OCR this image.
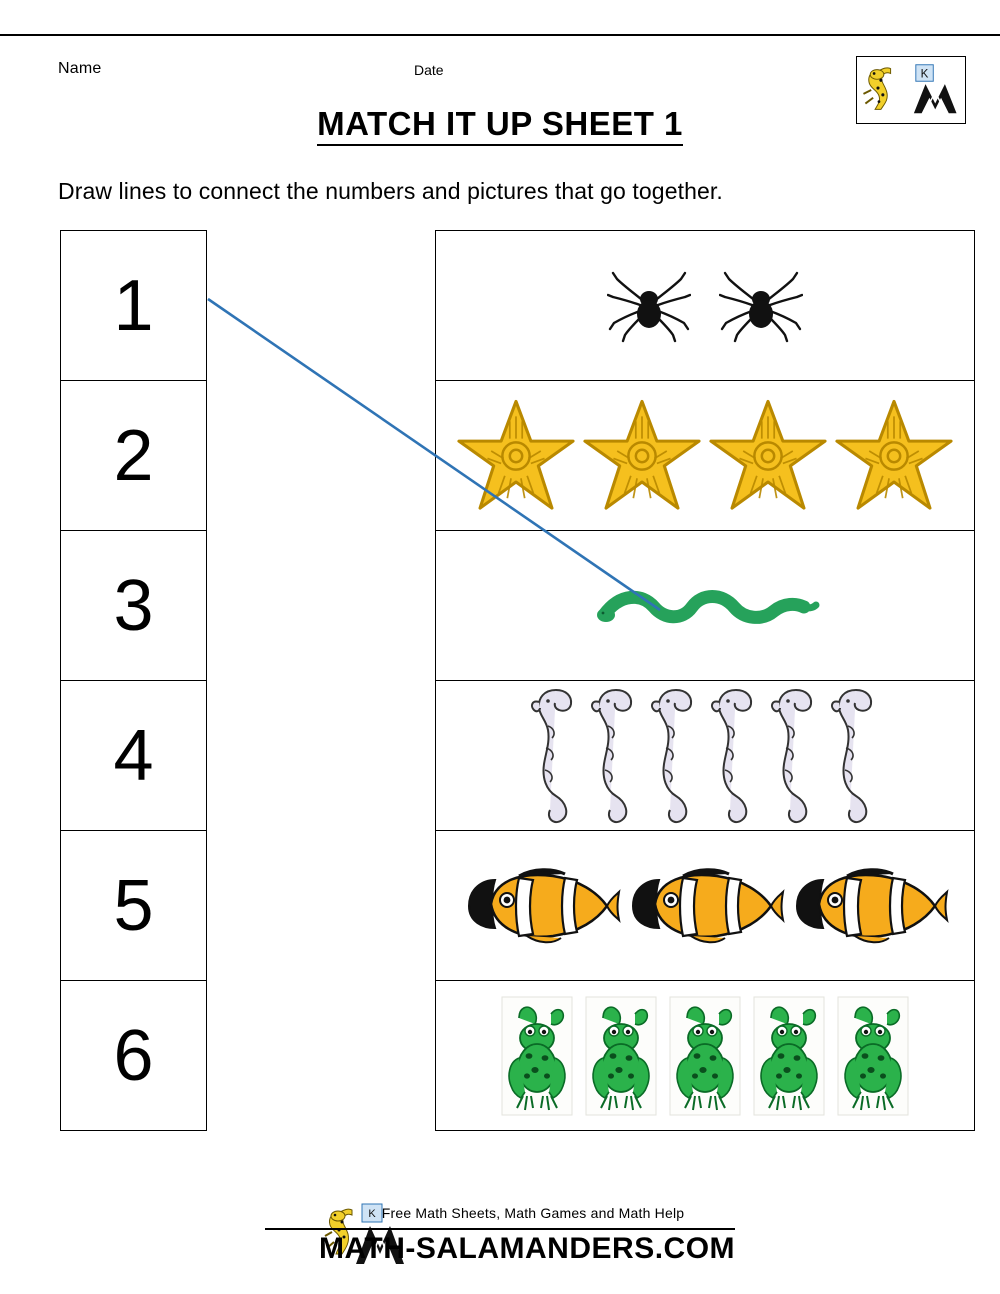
Name	Date	K
MATCH IT UP SHEET 1
Draw lines to connect the numbers and pictures that go together.
1
2
3
4
5
6
K Free Math Sheets, Math Games and Math Help
MATH-SALAMANDERS.COM
